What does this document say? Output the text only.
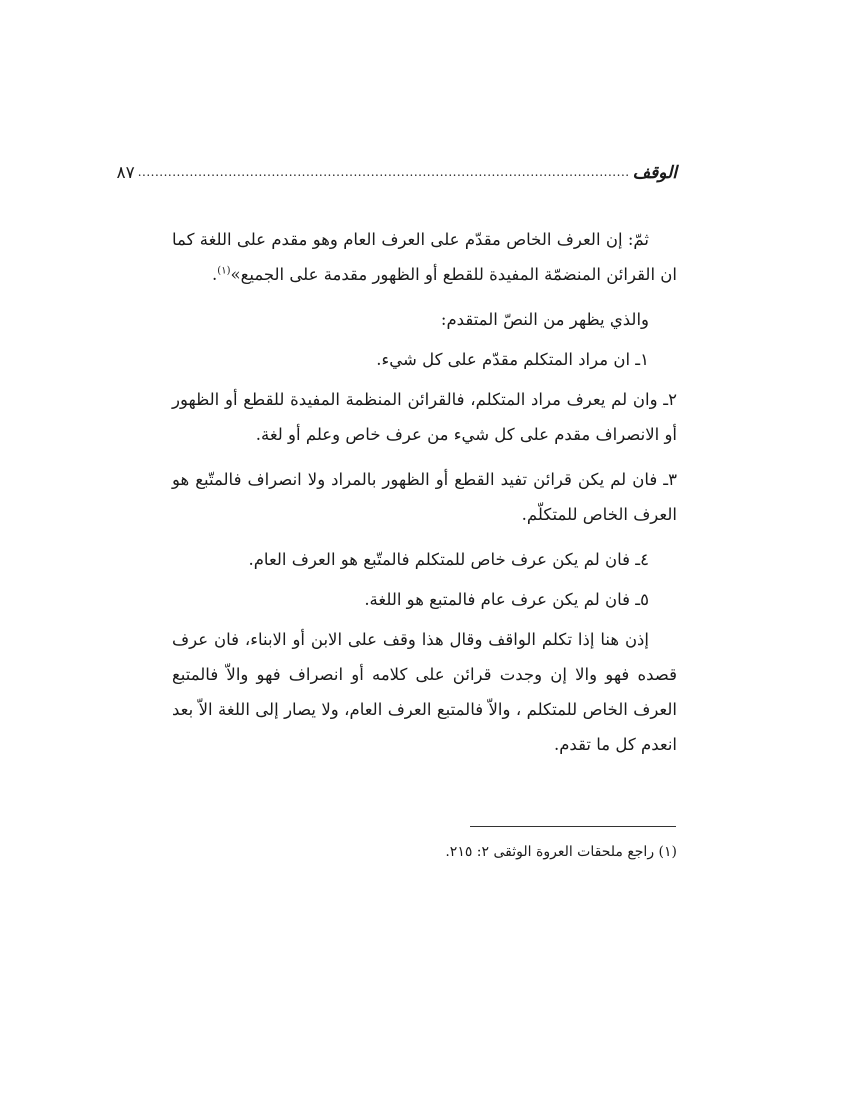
الوقف
..................................................................................................................
٨٧

ثمّ: إن العرف الخاص مقدّم على العرف العام وهو مقدم على اللغة كما ان القرائن المنضمّة المفيدة للقطع أو الظهور مقدمة على الجميع»$^{(١)}$.

والذي يظهر من النصّ المتقدم:

١ـ ان مراد المتكلم مقدّم على كل شيء.

٢ـ وان لم يعرف مراد المتكلم، فالقرائن المنظمة المفيدة للقطع أو الظهور أو الانصراف مقدم على كل شيء من عرف خاص وعلم أو لغة.

٣ـ فان لم يكن قرائن تفيد القطع أو الظهور بالمراد ولا انصراف فالمتّبع هو العرف الخاص للمتكلّم.

٤ـ فان لم يكن عرف خاص للمتكلم فالمتّبع هو العرف العام.

٥ـ فان لم يكن عرف عام فالمتبع هو اللغة.

إذن هنا إذا تكلم الواقف وقال هذا وقف على الابن أو الابناء، فان عرف قصده فهو والا إن وجدت قرائن على كلامه أو انصراف فهو والاّ فالمتبع العرف الخاص للمتكلم ، والاّ فالمتبع العرف العام، ولا يصار إلى اللغة الاّ بعد انعدم كل ما تقدم.

(١) راجع ملحقات العروة الوثقى ٢: ٢١٥.
